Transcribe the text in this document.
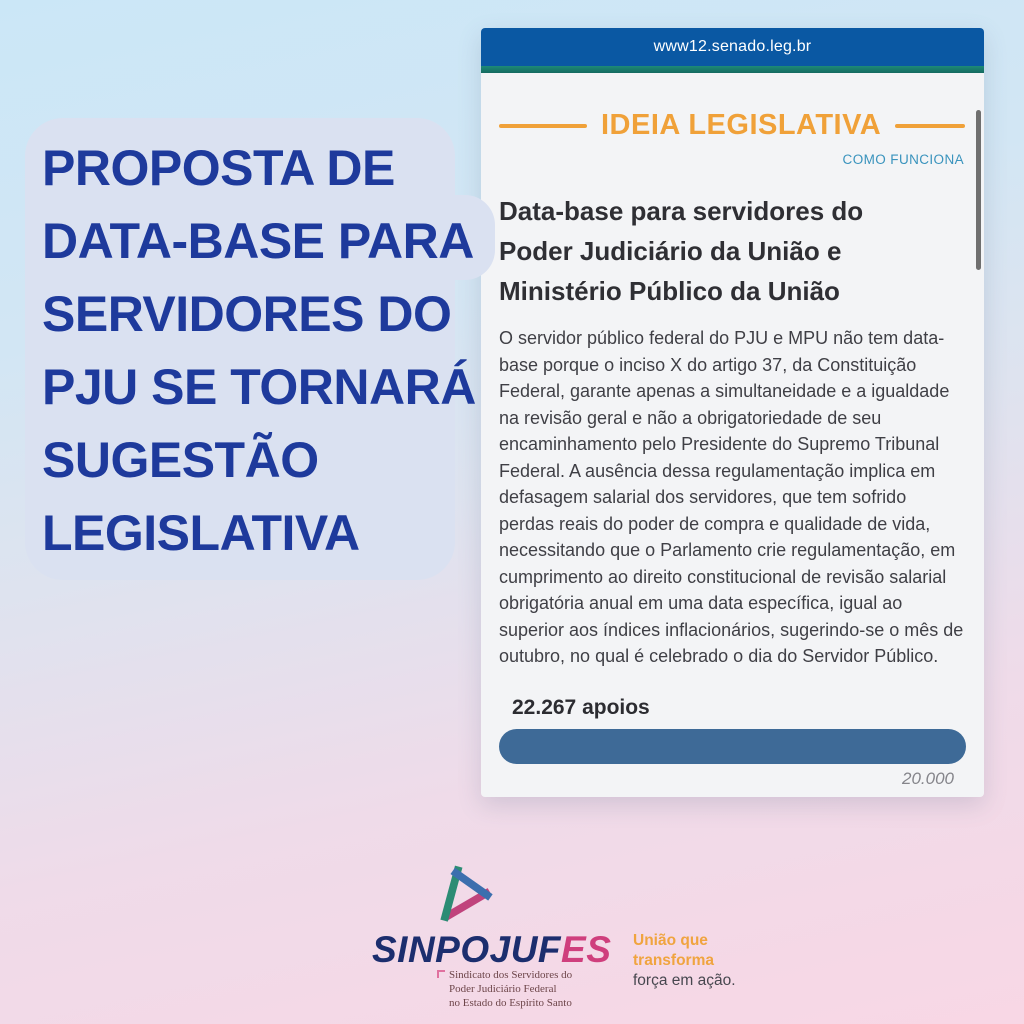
PROPOSTA DE
DATA-BASE PARA
SERVIDORES DO
PJU SE TORNARÁ
SUGESTÃO
LEGISLATIVA
www12.senado.leg.br
IDEIA LEGISLATIVA
COMO FUNCIONA
Data-base para servidores do Poder Judiciário da União e Ministério Público da União

O servidor público federal do PJU e MPU não tem data-base porque o inciso X do artigo 37, da Constituição Federal, garante apenas a simultaneidade e a igualdade na revisão geral e não a obrigatoriedade de seu encaminhamento pelo Presidente do Supremo Tribunal Federal. A ausência dessa regulamentação implica em defasagem salarial dos servidores, que tem sofrido perdas reais do poder de compra e qualidade de vida, necessitando que o Parlamento crie regulamentação, em cumprimento ao direito constitucional de revisão salarial obrigatória anual em uma data específica, igual ao superior aos índices inflacionários, sugerindo-se o mês de outubro, no qual é celebrado o dia do Servidor Público.

22.267 apoios
20.000
SINPOJUFES
Sindicato dos Servidores do
Poder Judiciário Federal
no Estado do Espírito Santo
União que transforma força em ação.
